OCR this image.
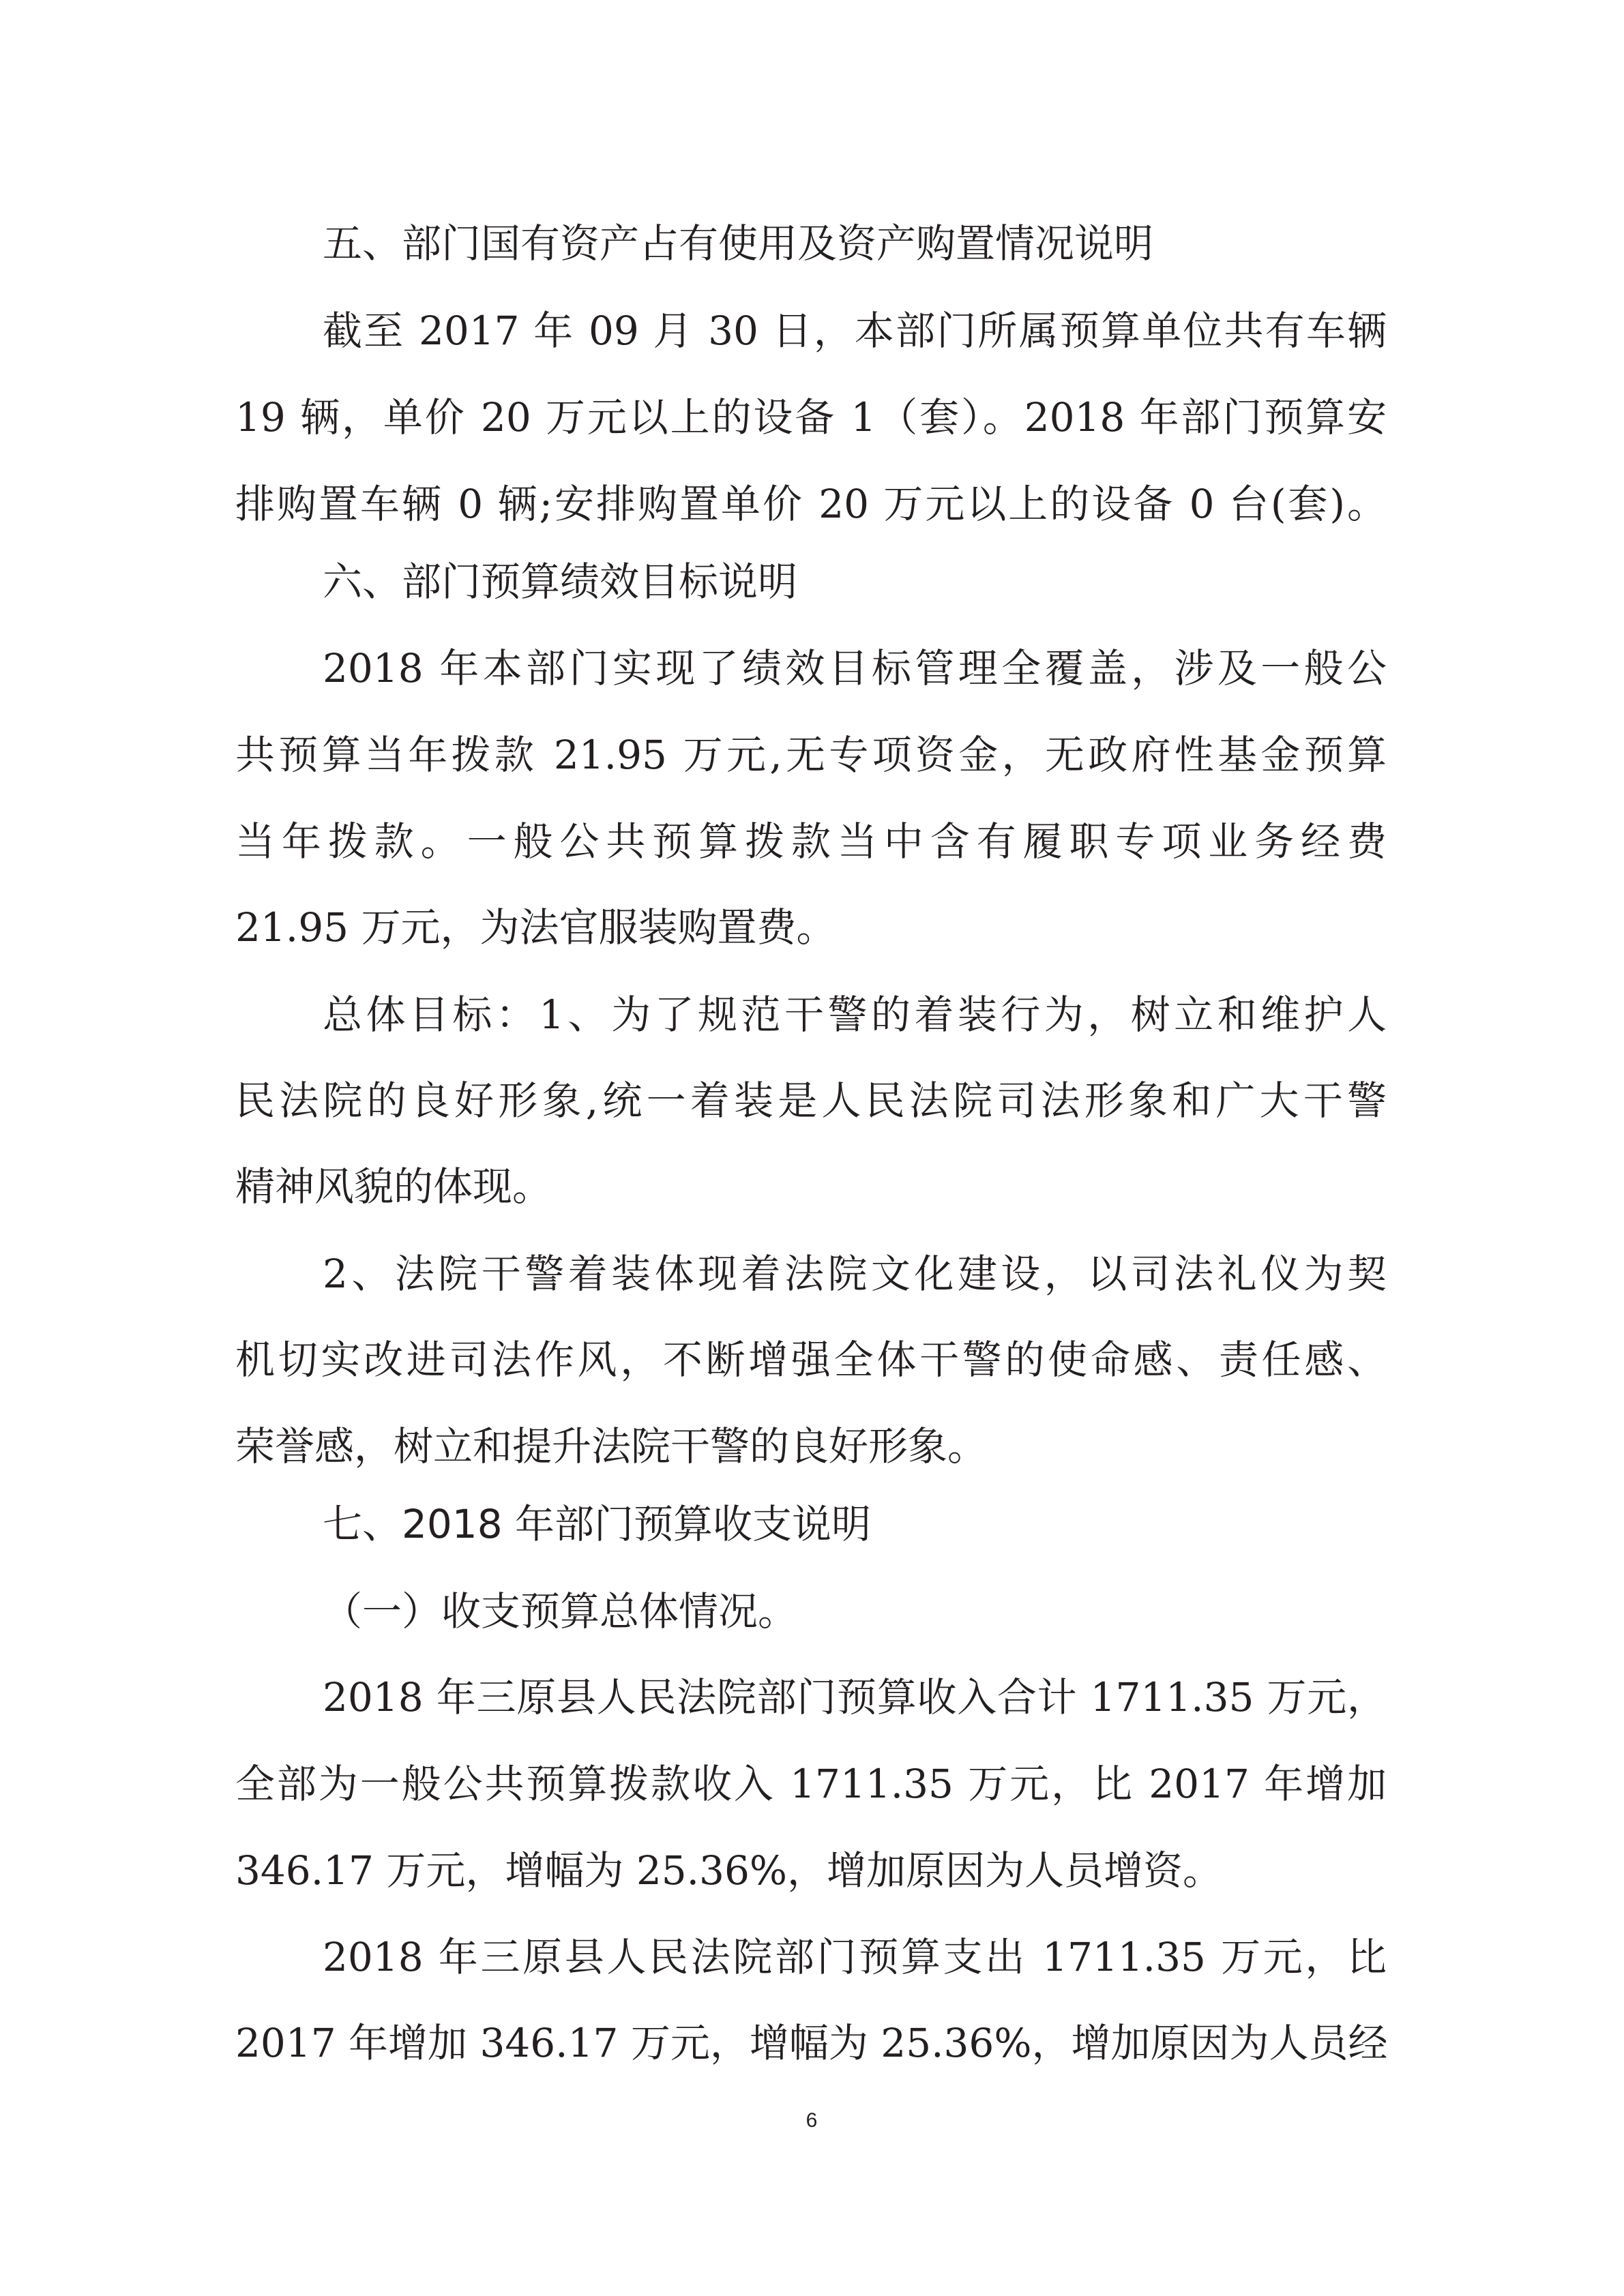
五、部门国有资产占有使用及资产购置情况说明
截至 2017 年 09 月 30 日，本部门所属预算单位共有车辆
19 辆，单价 20 万元以上的设备 1（套）。2018 年部门预算安
排购置车辆 0 辆;安排购置单价 20 万元以上的设备 0 台(套)。
六、部门预算绩效目标说明
2018 年本部门实现了绩效目标管理全覆盖，涉及一般公
共预算当年拨款 21.95 万元,无专项资金，无政府性基金预算
当年拨款。一般公共预算拨款当中含有履职专项业务经费
21.95 万元，为法官服装购置费。
总体目标：1、为了规范干警的着装行为，树立和维护人
民法院的良好形象,统一着装是人民法院司法形象和广大干警
精神风貌的体现。
2、法院干警着装体现着法院文化建设，以司法礼仪为契
机切实改进司法作风，不断增强全体干警的使命感、责任感、
荣誉感，树立和提升法院干警的良好形象。
七、2018 年部门预算收支说明
（一）收支预算总体情况。
2018 年三原县人民法院部门预算收入合计 1711.35 万元，
全部为一般公共预算拨款收入 1711.35 万元，比 2017 年增加
346.17 万元，增幅为 25.36%，增加原因为人员增资。
2018 年三原县人民法院部门预算支出 1711.35 万元，比
2017 年增加 346.17 万元，增幅为 25.36%，增加原因为人员经
6
